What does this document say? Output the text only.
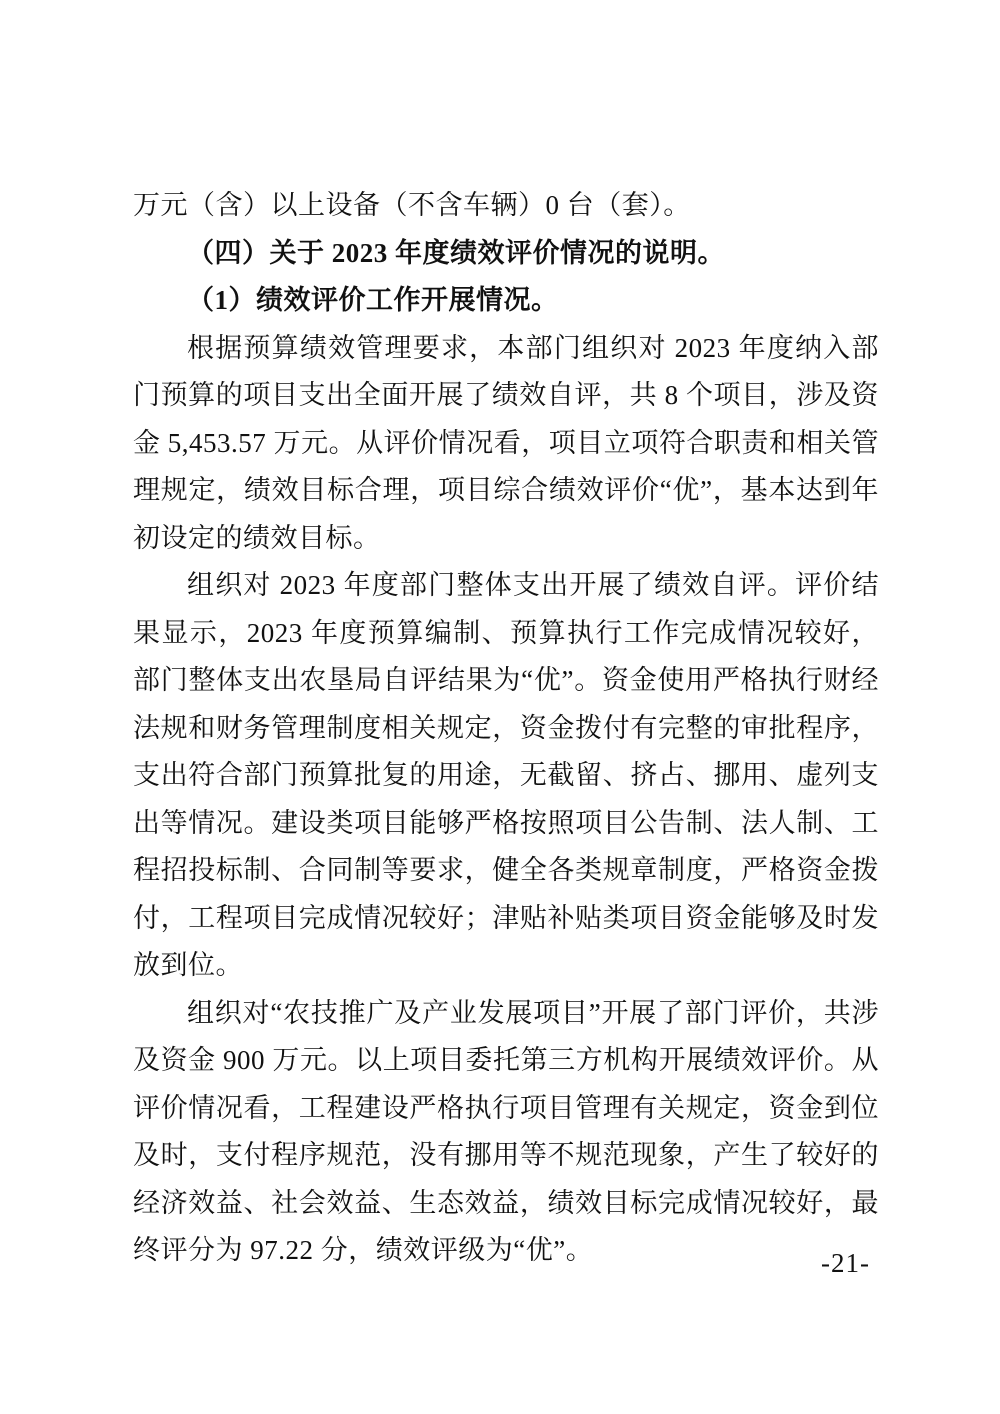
万元（含）以上设备（不含车辆）0 台（套）。

（四）关于 2023 年度绩效评价情况的说明。

（1）绩效评价工作开展情况。

根据预算绩效管理要求，本部门组织对 2023 年度纳入部门预算的项目支出全面开展了绩效自评，共 8 个项目，涉及资金 5,453.57 万元。从评价情况看，项目立项符合职责和相关管理规定，绩效目标合理，项目综合绩效评价“优”，基本达到年初设定的绩效目标。

组织对 2023 年度部门整体支出开展了绩效自评。评价结果显示，2023 年度预算编制、预算执行工作完成情况较好，部门整体支出农垦局自评结果为“优”。资金使用严格执行财经法规和财务管理制度相关规定，资金拨付有完整的审批程序，支出符合部门预算批复的用途，无截留、挤占、挪用、虚列支出等情况。建设类项目能够严格按照项目公告制、法人制、工程招投标制、合同制等要求，健全各类规章制度，严格资金拨付，工程项目完成情况较好；津贴补贴类项目资金能够及时发放到位。

组织对“农技推广及产业发展项目”开展了部门评价，共涉及资金 900 万元。以上项目委托第三方机构开展绩效评价。从评价情况看，工程建设严格执行项目管理有关规定，资金到位及时，支付程序规范，没有挪用等不规范现象，产生了较好的经济效益、社会效益、生态效益，绩效目标完成情况较好，最终评分为 97.22 分，绩效评级为“优”。	-21-
